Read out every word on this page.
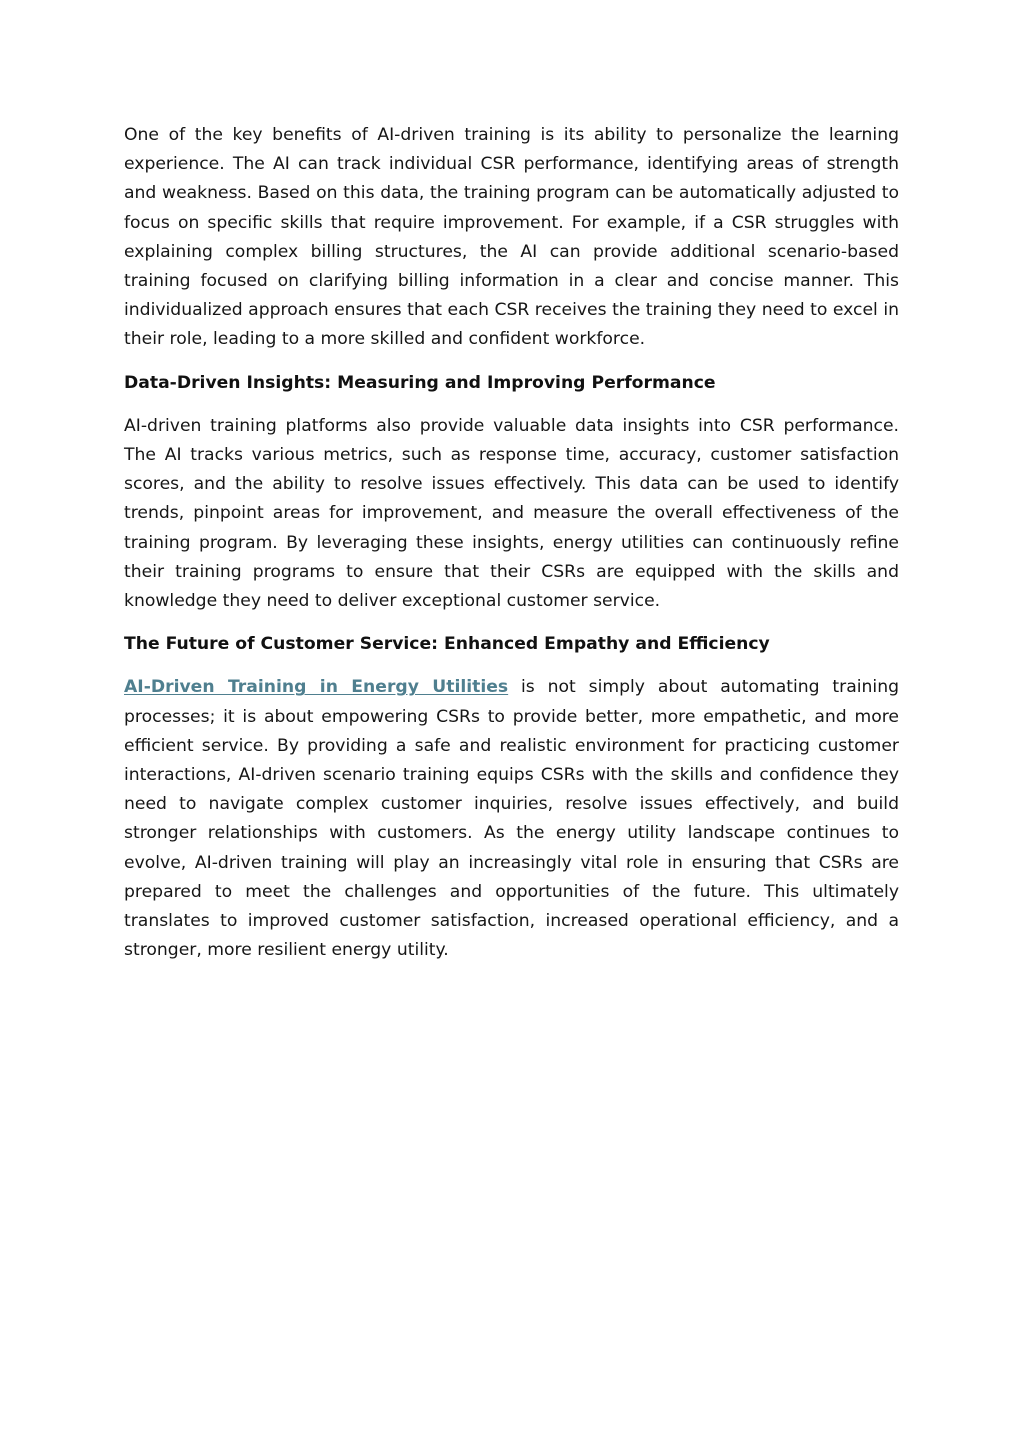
One of the key benefits of AI-driven training is its ability to personalize the learning experience. The AI can track individual CSR performance, identifying areas of strength and weakness. Based on this data, the training program can be automatically adjusted to focus on specific skills that require improvement. For example, if a CSR struggles with explaining complex billing structures, the AI can provide additional scenario-based training focused on clarifying billing information in a clear and concise manner. This individualized approach ensures that each CSR receives the training they need to excel in their role, leading to a more skilled and confident workforce.

Data-Driven Insights: Measuring and Improving Performance

AI-driven training platforms also provide valuable data insights into CSR performance. The AI tracks various metrics, such as response time, accuracy, customer satisfaction scores, and the ability to resolve issues effectively. This data can be used to identify trends, pinpoint areas for improvement, and measure the overall effectiveness of the training program. By leveraging these insights, energy utilities can continuously refine their training programs to ensure that their CSRs are equipped with the skills and knowledge they need to deliver exceptional customer service.

The Future of Customer Service: Enhanced Empathy and Efficiency

AI-Driven Training in Energy Utilities is not simply about automating training processes; it is about empowering CSRs to provide better, more empathetic, and more efficient service. By providing a safe and realistic environment for practicing customer interactions, AI-driven scenario training equips CSRs with the skills and confidence they need to navigate complex customer inquiries, resolve issues effectively, and build stronger relationships with customers. As the energy utility landscape continues to evolve, AI-driven training will play an increasingly vital role in ensuring that CSRs are prepared to meet the challenges and opportunities of the future. This ultimately translates to improved customer satisfaction, increased operational efficiency, and a stronger, more resilient energy utility.
